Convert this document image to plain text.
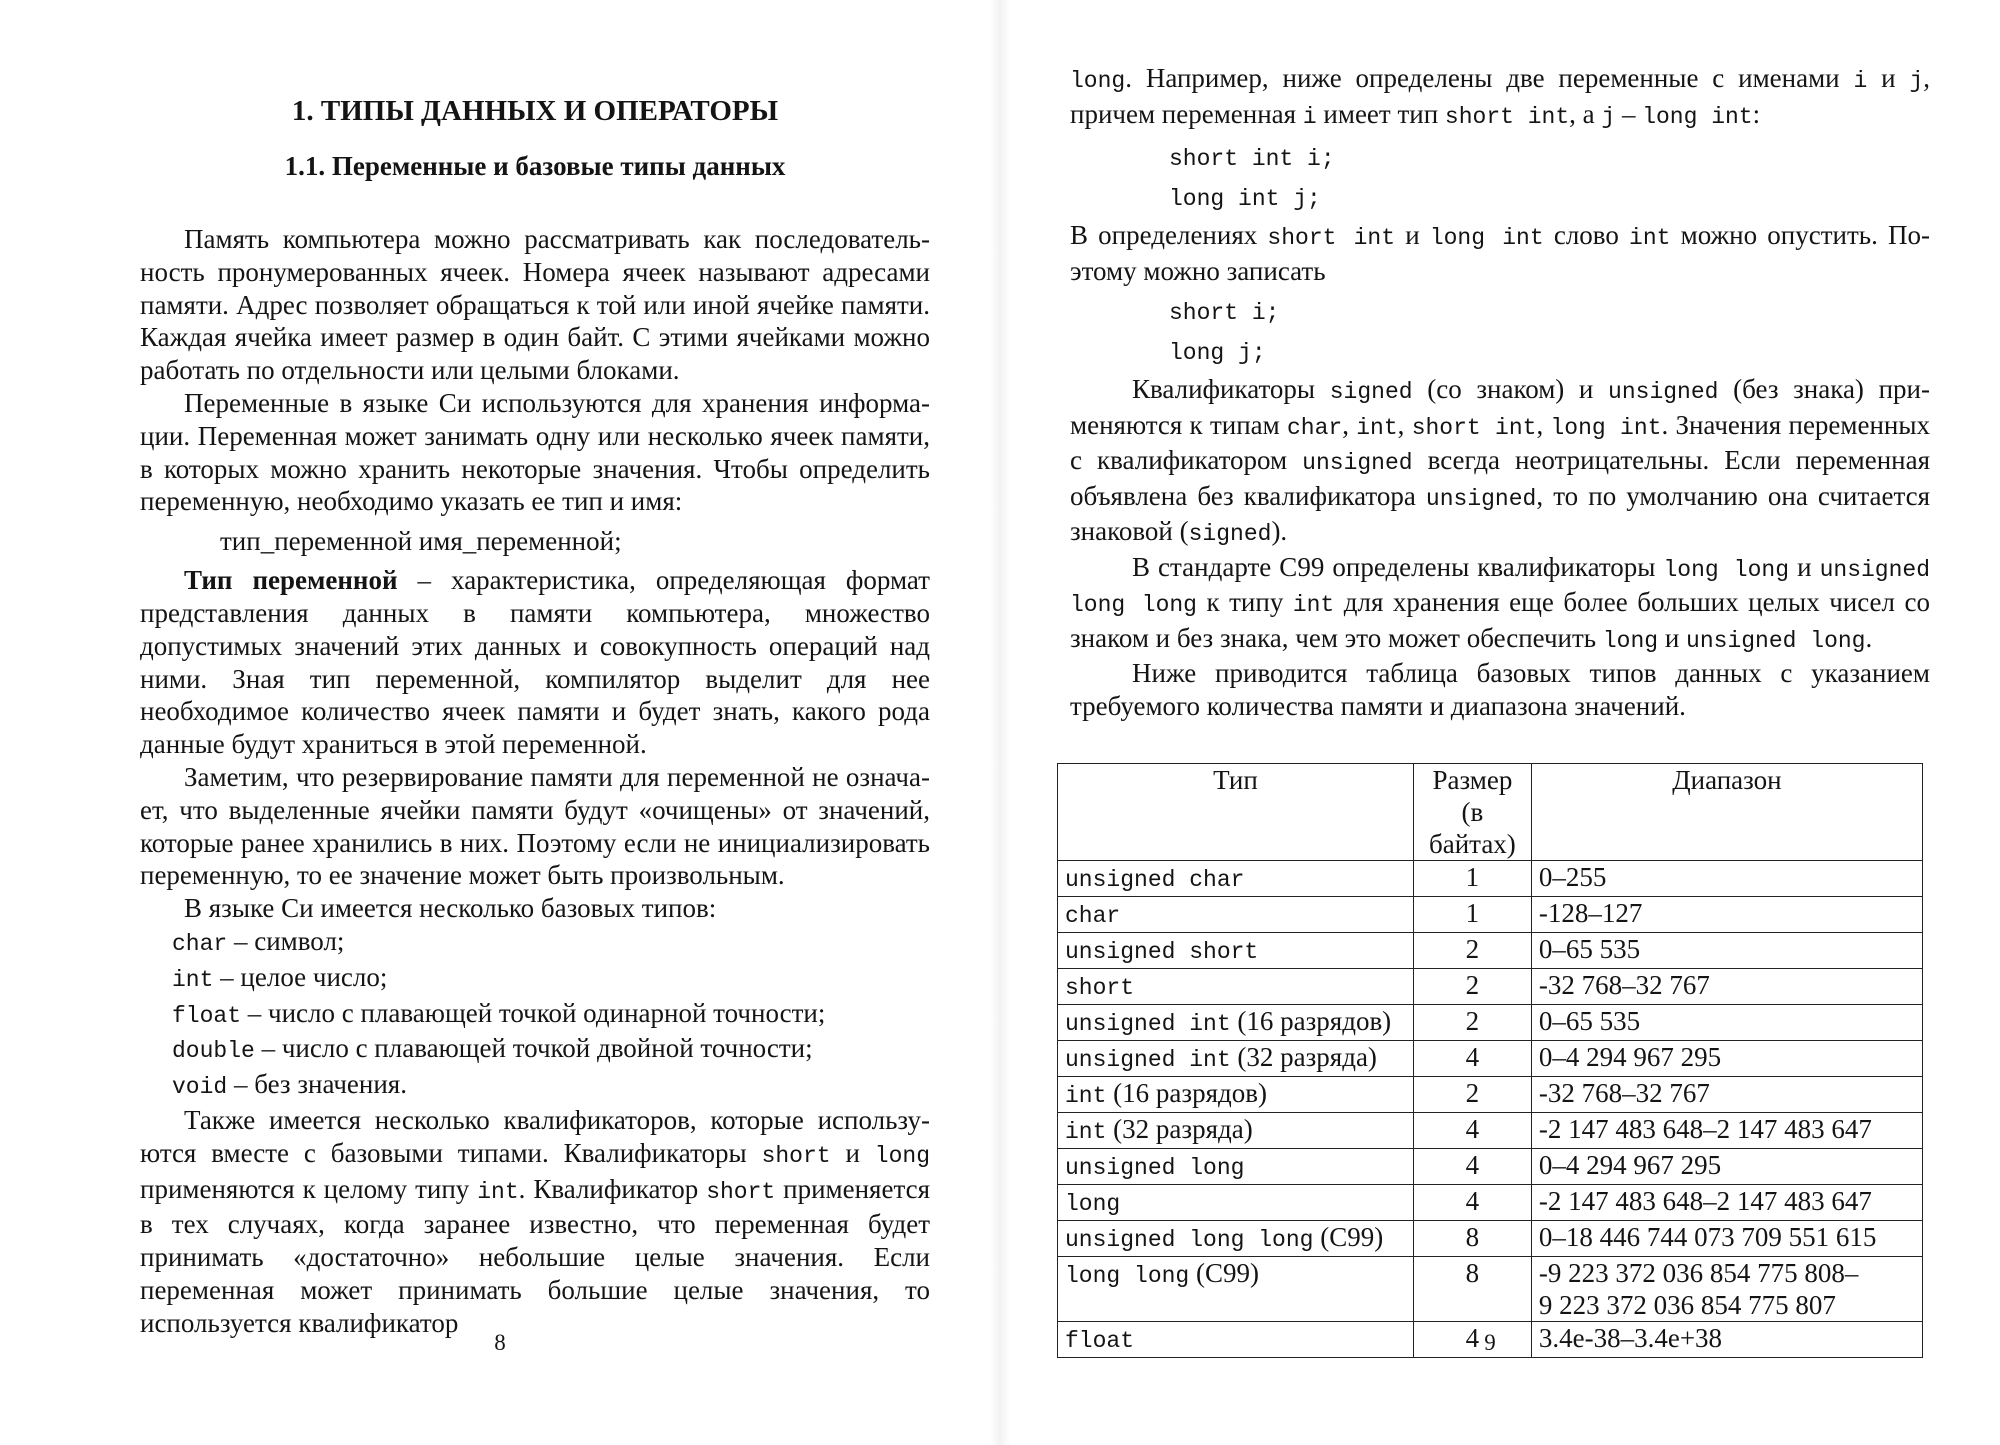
1. ТИПЫ ДАННЫХ И ОПЕРАТОРЫ
1.1. Переменные и базовые типы данных

Память компьютера можно рассматривать как последовательность пронумерованных ячеек. Номера ячеек называют адресами памяти. Адрес позволяет обращаться к той или иной ячейке памяти. Каждая ячейка имеет размер в один байт. С этими ячейками можно работать по отдельности или целыми блоками.

Переменные в языке Си используются для хранения информации. Переменная может занимать одну или несколько ячеек памяти, в которых можно хранить некоторые значения. Чтобы определить переменную, необходимо указать ее тип и имя:

тип_переменной имя_переменной;

Тип переменной – характеристика, определяющая формат представления данных в памяти компьютера, множество допустимых значений этих данных и совокупность операций над ними. Зная тип переменной, компилятор выделит для нее необходимое количество ячеек памяти и будет знать, какого рода данные будут храниться в этой переменной.

Заметим, что резервирование памяти для переменной не означает, что выделенные ячейки памяти будут «очищены» от значений, которые ранее хранились в них. Поэтому если не инициализировать переменную, то ее значение может быть произвольным.

В языке Си имеется несколько базовых типов:

char – символ;
int – целое число;
float – число с плавающей точкой одинарной точности;
double – число с плавающей точкой двойной точности;
void – без значения.

Также имеется несколько квалификаторов, которые используются вместе с базовыми типами. Квалификаторы short и long применяются к целому типу int. Квалификатор short применяется в тех случаях, когда заранее известно, что переменная будет принимать «достаточно» небольшие целые значения. Если переменная может принимать большие целые значения, то используется квалификатор

8

long. Например, ниже определены две переменные с именами i и j, причем переменная i имеет тип short int, а j – long int:

short int i;
long int j;

В определениях short int и long int слово int можно опустить. Поэтому можно записать

short i;
long j;

Квалификаторы signed (со знаком) и unsigned (без знака) применяются к типам char, int, short int, long int. Значения переменных с квалификатором unsigned всегда неотрицательны. Если переменная объявлена без квалификатора unsigned, то по умолчанию она считается знаковой (signed).

В стандарте С99 определены квалификаторы long long и unsigned long long к типу int для хранения еще более больших целых чисел со знаком и без знака, чем это может обеспечить long и unsigned long.

Ниже приводится таблица базовых типов данных с указанием требуемого количества памяти и диапазона значений.

Тип	Размер (в байтах)	Диапазон
unsigned char	1	0–255
char	1	-128–127
unsigned short	2	0–65 535
short	2	-32 768–32 767
unsigned int (16 разрядов)	2	0–65 535
unsigned int (32 разряда)	4	0–4 294 967 295
int (16 разрядов)	2	-32 768–32 767
int (32 разряда)	4	-2 147 483 648–2 147 483 647
unsigned long	4	0–4 294 967 295
long	4	-2 147 483 648–2 147 483 647
unsigned long long (C99)	8	0–18 446 744 073 709 551 615
long long (C99)	8	-9 223 372 036 854 775 808–
9 223 372 036 854 775 807
float	4	3.4e-38–3.4e+38
9
